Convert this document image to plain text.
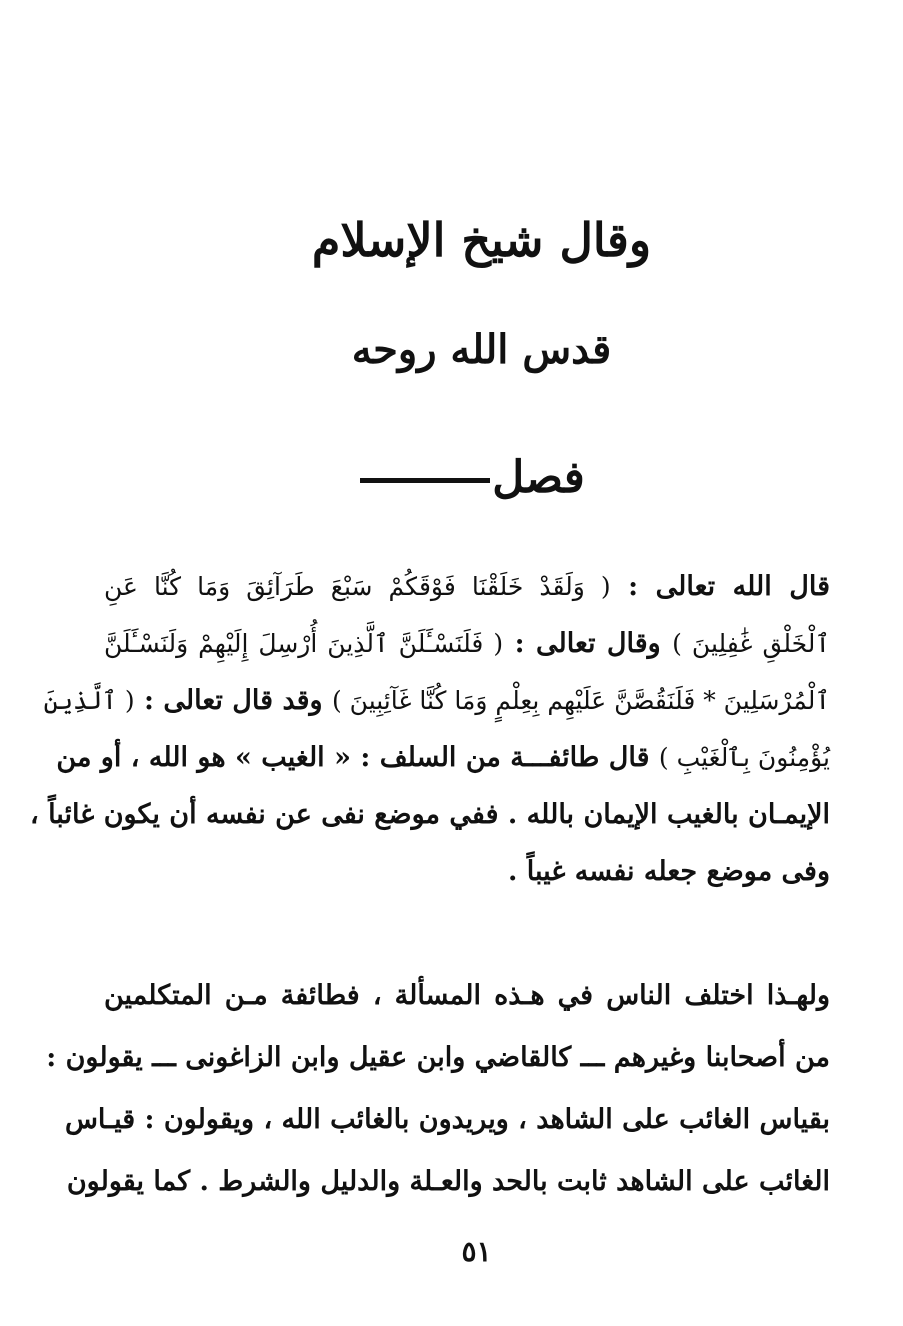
وقال شيخ الإسلام
قدس الله روحه
فصل
قال الله تعالى : ( وَلَقَدْ خَلَقْنَا فَوْقَكُمْ سَبْعَ طَرَآئِقَ وَمَا كُنَّا عَنِ
ٱلْخَلْقِ غَٰفِلِينَ ) وقال تعالى : ( فَلَنَسْـَٔلَنَّ ٱلَّذِينَ أُرْسِلَ إِلَيْهِمْ وَلَنَسْـَٔلَنَّ
ٱلْمُرْسَلِينَ * فَلَنَقُصَّنَّ عَلَيْهِم بِعِلْمٍ وَمَا كُنَّا غَآئِبِينَ ) وقد قال تعالى : ( ٱلَّذِينَ
يُؤْمِنُونَ بِٱلْغَيْبِ ) قال طائفـــة من السلف : « الغيب » هو الله ، أو من
الإيمـان بالغيب الإيمان بالله . ففي موضع نفى عن نفسه أن يكون غائباً ،
وفى موضع جعله نفسه غيباً .
ولهـذا اختلف الناس في هـذه المسألة ، فطائفة مـن المتكلمين
من أصحابنا وغيرهم ـــ كالقاضي وابن عقيل وابن الزاغونى ـــ يقولون :
بقياس الغائب على الشاهد ، ويريدون بالغائب الله ، ويقولون : قيـاس
الغائب على الشاهد ثابت بالحد والعـلة والدليل والشرط . كما يقولون
٥١
